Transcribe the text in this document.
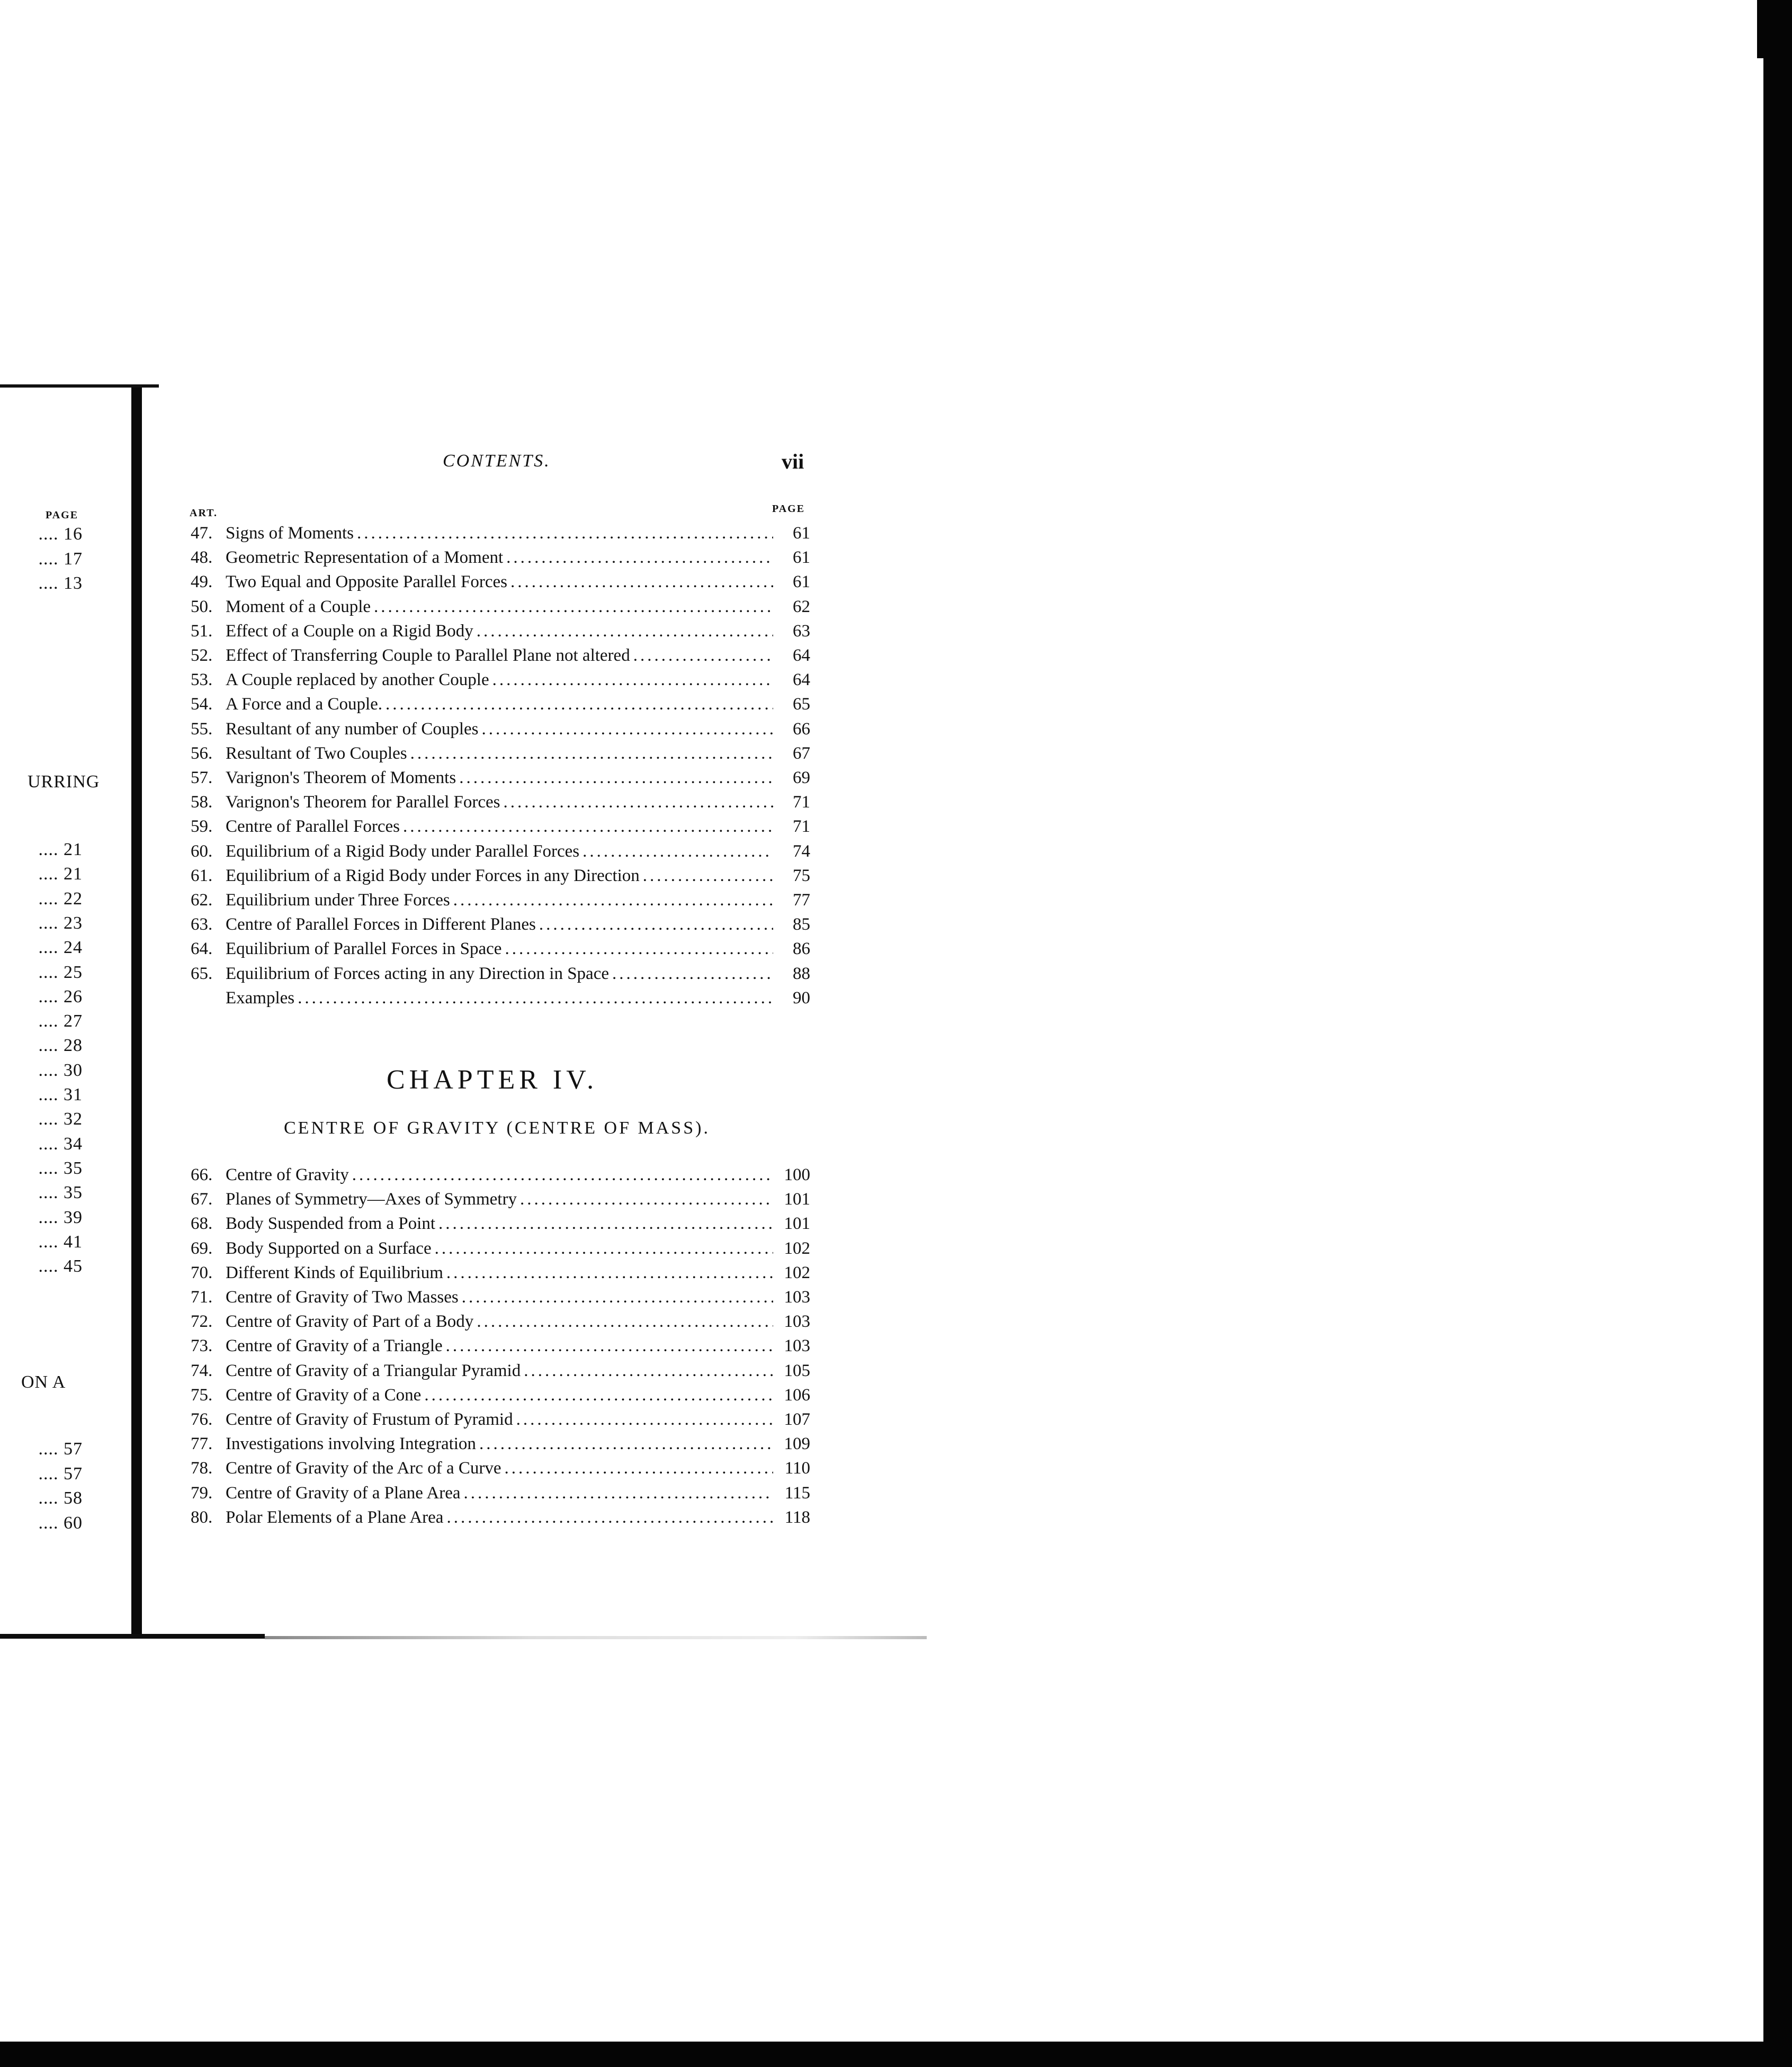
PAGE
.... 16
.... 17
.... 13
URRING
.... 21
.... 21
.... 22
.... 23
.... 24
.... 25
.... 26
.... 27
.... 28
.... 30
.... 31
.... 32
.... 34
.... 35
.... 35
.... 39
.... 41
.... 45
ON A
.... 57
.... 57
.... 58
.... 60
CONTENTS.	vii
ART.	PAGE
47. Signs of Moments .....	61
48. Geometric Representation of a Moment .....	61
49. Two Equal and Opposite Parallel Forces .....	61
50. Moment of a Couple .....	62
51. Effect of a Couple on a Rigid Body .....	63
52. Effect of Transferring Couple to Parallel Plane not altered .....	64
53. A Couple replaced by another Couple .....	64
54. A Force and a Couple. .....	65
55. Resultant of any number of Couples .....	66
56. Resultant of Two Couples .....	67
57. Varignon's Theorem of Moments .....	69
58. Varignon's Theorem for Parallel Forces .....	71
59. Centre of Parallel Forces .....	71
60. Equilibrium of a Rigid Body under Parallel Forces .....	74
61. Equilibrium of a Rigid Body under Forces in any Direction .....	75
62. Equilibrium under Three Forces .....	77
63. Centre of Parallel Forces in Different Planes .....	85
64. Equilibrium of Parallel Forces in Space .....	86
65. Equilibrium of Forces acting in any Direction in Space .....	88
Examples .....	90
CHAPTER IV.
CENTRE OF GRAVITY (CENTRE OF MASS).
66. Centre of Gravity .....	100
67. Planes of Symmetry—Axes of Symmetry .....	101
68. Body Suspended from a Point .....	101
69. Body Supported on a Surface .....	102
70. Different Kinds of Equilibrium .....	102
71. Centre of Gravity of Two Masses .....	103
72. Centre of Gravity of Part of a Body .....	103
73. Centre of Gravity of a Triangle .....	103
74. Centre of Gravity of a Triangular Pyramid .....	105
75. Centre of Gravity of a Cone .....	106
76. Centre of Gravity of Frustum of Pyramid .....	107
77. Investigations involving Integration .....	109
78. Centre of Gravity of the Arc of a Curve .....	110
79. Centre of Gravity of a Plane Area .....	115
80. Polar Elements of a Plane Area .....	118
